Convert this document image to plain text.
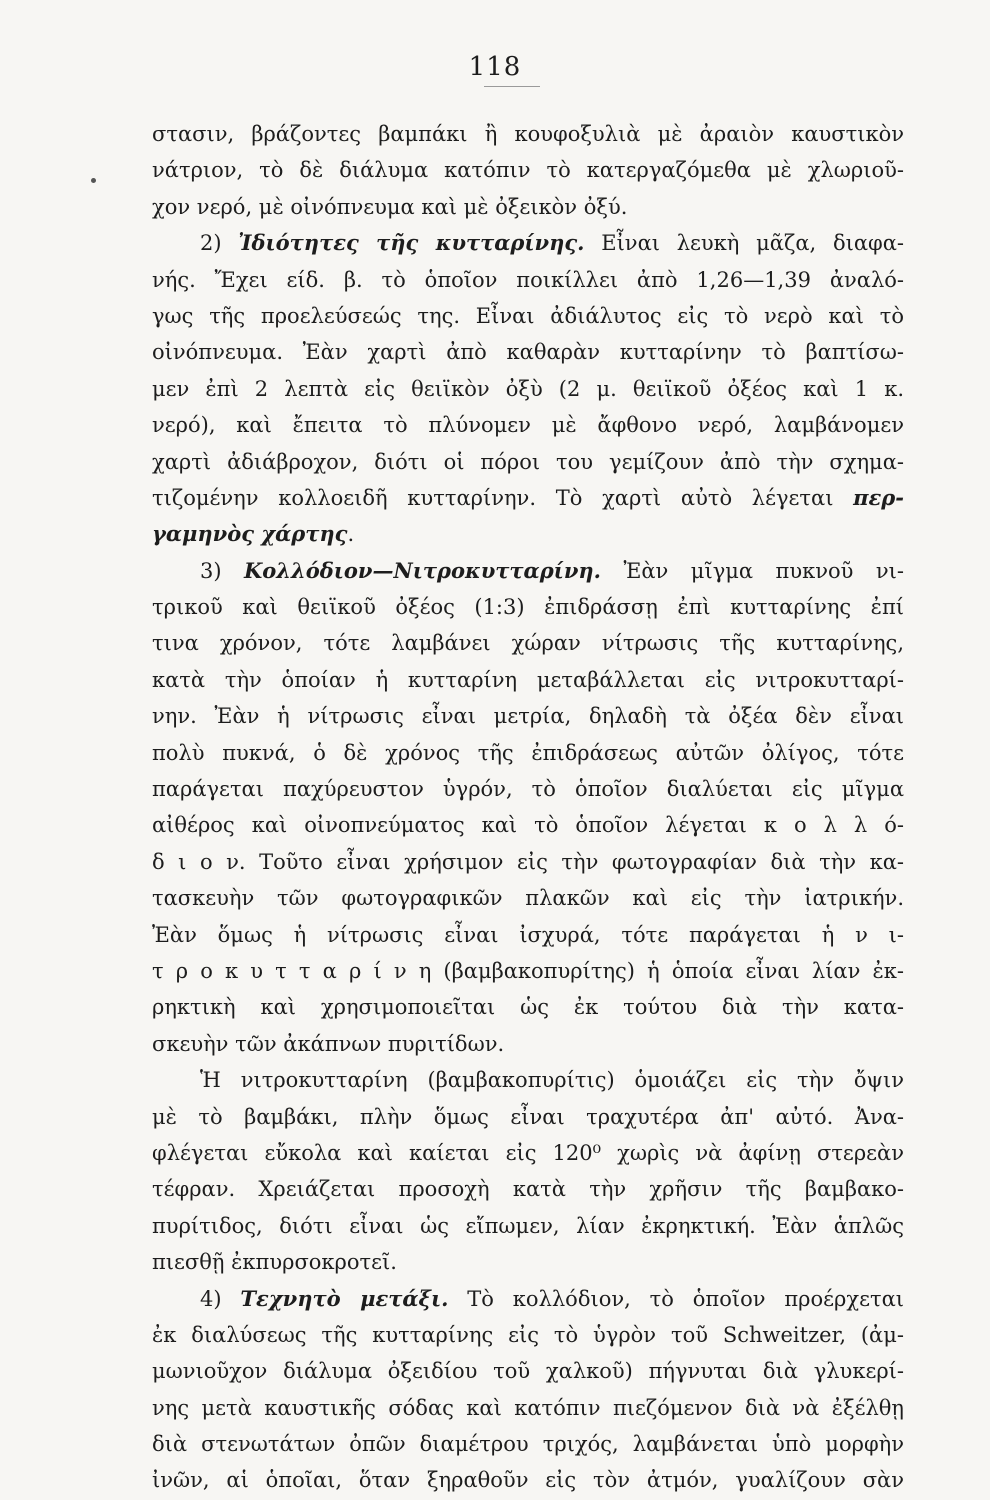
118
στασιν, βράζοντες βαμπάκι ἢ κουφοξυλιὰ μὲ ἀραιὸν καυστικὸν
νάτριον, τὸ δὲ διάλυμα κατόπιν τὸ κατεργαζόμεθα μὲ χλωριοῦ-
χον νερό, μὲ οἰνόπνευμα καὶ μὲ ὀξεικὸν ὀξύ.
2) Ἰδιότητες τῆς κυτταρίνης. Εἶναι λευκὴ μᾶζα, διαφα-
νής. Ἔχει είδ. β. τὸ ὁποῖον ποικίλλει ἀπὸ 1,26—1,39 ἀναλό-
γως τῆς προελεύσεώς της. Εἶναι ἀδιάλυτος εἰς τὸ νερὸ καὶ τὸ
οἰνόπνευμα. Ἐὰν χαρτὶ ἀπὸ καθαρὰν κυτταρίνην τὸ βαπτίσω-
μεν ἐπὶ 2 λεπτὰ εἰς θειϊκὸν ὀξὺ (2 μ. θειϊκοῦ ὀξέος καὶ 1 κ.
νερό), καὶ ἔπειτα τὸ πλύνομεν μὲ ἄφθονο νερό, λαμβάνομεν
χαρτὶ ἀδιάβροχον, διότι οἱ πόροι του γεμίζουν ἀπὸ τὴν σχημα-
τιζομένην κολλοειδῆ κυτταρίνην. Τὸ χαρτὶ αὐτὸ λέγεται περ-
γαμηνὸς χάρτης.
3) Κολλόδιον—Νιτροκυτταρίνη. Ἐὰν μῖγμα πυκνοῦ νι-
τρικοῦ καὶ θειϊκοῦ ὀξέος (1:3) ἐπιδράσσῃ ἐπὶ κυτταρίνης ἐπί
τινα χρόνον, τότε λαμβάνει χώραν νίτρωσις τῆς κυτταρίνης,
κατὰ τὴν ὁποίαν ἡ κυτταρίνη μεταβάλλεται εἰς νιτροκυτταρί-
νην. Ἐὰν ἡ νίτρωσις εἶναι μετρία, δηλαδὴ τὰ ὀξέα δὲν εἶναι
πολὺ πυκνά, ὁ δὲ χρόνος τῆς ἐπιδράσεως αὐτῶν ὀλίγος, τότε
παράγεται παχύρευστον ὑγρόν, τὸ ὁποῖον διαλύεται εἰς μῖγμα
αἰθέρος καὶ οἰνοπνεύματος καὶ τὸ ὁποῖον λέγεται κ ο λ λ ό-
δ ι ο ν. Τοῦτο εἶναι χρήσιμον εἰς τὴν φωτογραφίαν διὰ τὴν κα-
τασκευὴν τῶν φωτογραφικῶν πλακῶν καὶ εἰς τὴν ἰατρικήν.
Ἐὰν ὅμως ἡ νίτρωσις εἶναι ἰσχυρά, τότε παράγεται ἡ ν ι-
τ ρ ο κ υ τ τ α ρ ί ν η (βαμβακοπυρίτης) ἡ ὁποία εἶναι λίαν ἐκ-
ρηκτικὴ καὶ χρησιμοποιεῖται ὡς ἐκ τούτου διὰ τὴν κατα-
σκευὴν τῶν ἀκάπνων πυριτίδων.
Ἡ νιτροκυτταρίνη (βαμβακοπυρίτις) ὁμοιάζει εἰς τὴν ὄψιν
μὲ τὸ βαμβάκι, πλὴν ὅμως εἶναι τραχυτέρα ἀπ' αὐτό. Ἀνα-
φλέγεται εὔκολα καὶ καίεται εἰς 120⁰ χωρὶς νὰ ἀφίνῃ στερεὰν
τέφραν. Χρειάζεται προσοχὴ κατὰ τὴν χρῆσιν τῆς βαμβακο-
πυρίτιδος, διότι εἶναι ὡς εἴπωμεν, λίαν ἐκρηκτική. Ἐὰν ἁπλῶς
πιεσθῇ ἐκπυρσοκροτεῖ.
4) Τεχνητὸ μετάξι. Τὸ κολλόδιον, τὸ ὁποῖον προέρχεται
ἐκ διαλύσεως τῆς κυτταρίνης εἰς τὸ ὑγρὸν τοῦ Schweitzer, (ἀμ-
μωνιοῦχον διάλυμα ὀξειδίου τοῦ χαλκοῦ) πήγνυται διὰ γλυκερί-
νης μετὰ καυστικῆς σόδας καὶ κατόπιν πιεζόμενον διὰ νὰ ἐξέλθῃ
διὰ στενωτάτων ὀπῶν διαμέτρου τριχός, λαμβάνεται ὑπὸ μορφὴν
ἰνῶν, αἱ ὁποῖαι, ὅταν ξηραθοῦν εἰς τὸν ἀτμόν, γυαλίζουν σὰν
